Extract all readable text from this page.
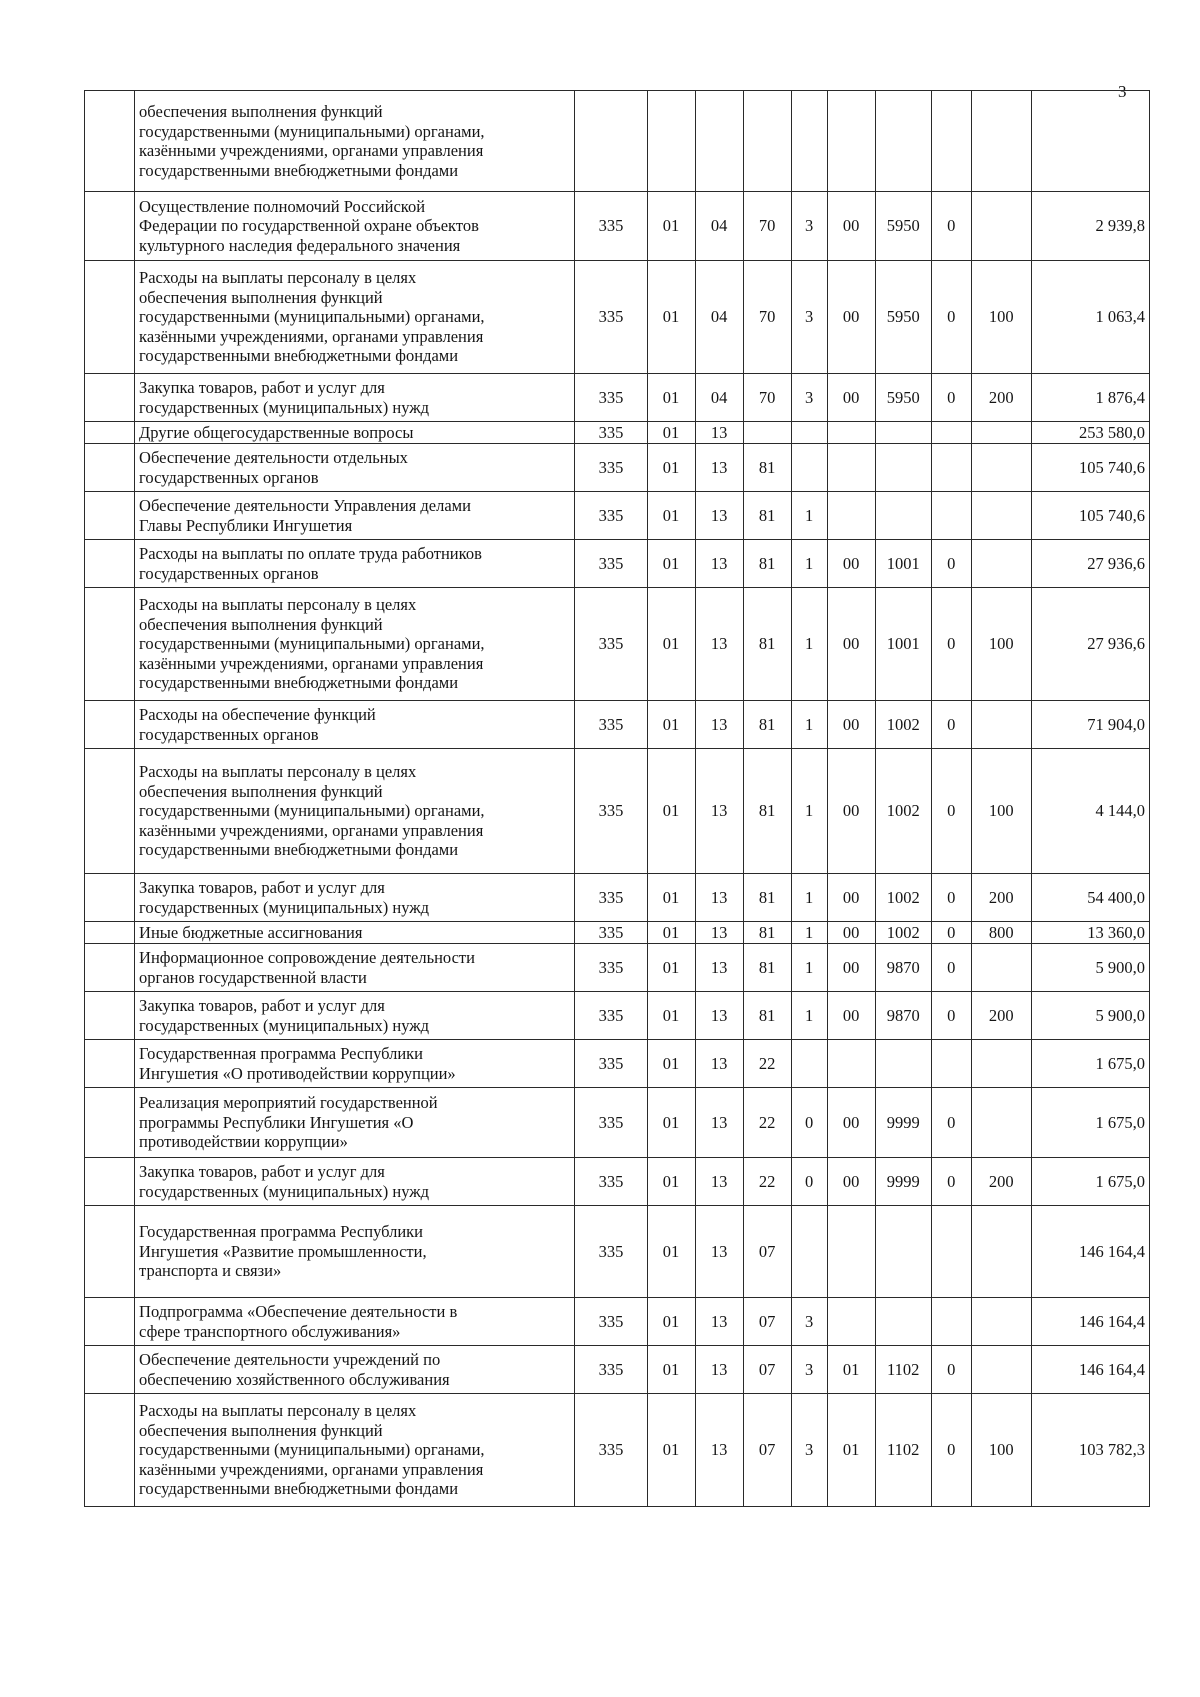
3

	обеспечения выполнения функций
государственными (муниципальными) органами,
казёнными учреждениями, органами управления
государственными внебюджетными фондами										

	Осуществление полномочий Российской
Федерации по государственной охране объектов
культурного наследия федерального значения	335	01	04	70	3	00	5950	0		2 939,8

	Расходы на выплаты персоналу в целях
обеспечения выполнения функций
государственными (муниципальными) органами,
казёнными учреждениями, органами управления
государственными внебюджетными фондами	335	01	04	70	3	00	5950	0	100	1 063,4

	Закупка товаров, работ и услуг для
государственных (муниципальных) нужд	335	01	04	70	3	00	5950	0	200	1 876,4

	Другие общегосударственные вопросы	335	01	13							253 580,0

	Обеспечение деятельности отдельных
государственных органов	335	01	13	81						105 740,6

	Обеспечение деятельности Управления делами
Главы Республики Ингушетия	335	01	13	81	1					105 740,6

	Расходы на выплаты по оплате труда работников
государственных органов	335	01	13	81	1	00	1001	0		27 936,6

	Расходы на выплаты персоналу в целях
обеспечения выполнения функций
государственными (муниципальными) органами,
казёнными учреждениями, органами управления
государственными внебюджетными фондами	335	01	13	81	1	00	1001	0	100	27 936,6

	Расходы на обеспечение функций
государственных органов	335	01	13	81	1	00	1002	0		71 904,0

	Расходы на выплаты персоналу в целях
обеспечения выполнения функций
государственными (муниципальными) органами,
казёнными учреждениями, органами управления
государственными внебюджетными фондами	335	01	13	81	1	00	1002	0	100	4 144,0

	Закупка товаров, работ и услуг для
государственных (муниципальных) нужд	335	01	13	81	1	00	1002	0	200	54 400,0

	Иные бюджетные ассигнования	335	01	13	81	1	00	1002	0	800	13 360,0

	Информационное сопровождение деятельности
органов государственной власти	335	01	13	81	1	00	9870	0		5 900,0

	Закупка товаров, работ и услуг для
государственных (муниципальных) нужд	335	01	13	81	1	00	9870	0	200	5 900,0

	Государственная программа Республики
Ингушетия «О противодействии коррупции»	335	01	13	22						1 675,0

	Реализация мероприятий государственной
программы Республики Ингушетия «О
противодействии коррупции»	335	01	13	22	0	00	9999	0		1 675,0

	Закупка товаров, работ и услуг для
государственных (муниципальных) нужд	335	01	13	22	0	00	9999	0	200	1 675,0

	Государственная программа Республики
Ингушетия «Развитие промышленности,
транспорта и связи»	335	01	13	07						146 164,4

	Подпрограмма «Обеспечение деятельности в
сфере транспортного обслуживания»	335	01	13	07	3					146 164,4

	Обеспечение деятельности учреждений по
обеспечению хозяйственного обслуживания	335	01	13	07	3	01	1102	0		146 164,4

	Расходы на выплаты персоналу в целях
обеспечения выполнения функций
государственными (муниципальными) органами,
казёнными учреждениями, органами управления
государственными внебюджетными фондами	335	01	13	07	3	01	1102	0	100	103 782,3
